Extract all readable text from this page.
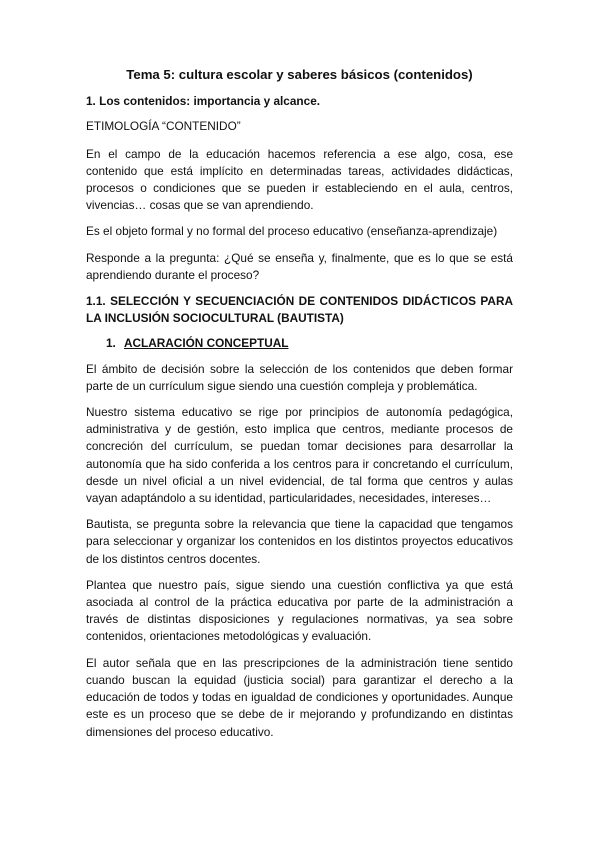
Tema 5: cultura escolar y saberes básicos (contenidos)
1. Los contenidos: importancia y alcance.
ETIMOLOGÍA “CONTENIDO”
En el campo de la educación hacemos referencia a ese algo, cosa, ese contenido que está implícito en determinadas tareas, actividades didácticas, procesos o condiciones que se pueden ir estableciendo en el aula, centros, vivencias… cosas que se van aprendiendo.
Es el objeto formal y no formal del proceso educativo (enseñanza-aprendizaje)
Responde a la pregunta: ¿Qué se enseña y, finalmente, que es lo que se está aprendiendo durante el proceso?
1.1. SELECCIÓN Y SECUENCIACIÓN DE CONTENIDOS DIDÁCTICOS PARA LA INCLUSIÓN SOCIOCULTURAL (BAUTISTA)
1. ACLARACIÓN CONCEPTUAL
El ámbito de decisión sobre la selección de los contenidos que deben formar parte de un currículum sigue siendo una cuestión compleja y problemática.
Nuestro sistema educativo se rige por principios de autonomía pedagógica, administrativa y de gestión, esto implica que centros, mediante procesos de concreción del currículum, se puedan tomar decisiones para desarrollar la autonomía que ha sido conferida a los centros para ir concretando el currículum, desde un nivel oficial a un nivel evidencial, de tal forma que centros y aulas vayan adaptándolo a su identidad, particularidades, necesidades, intereses…
Bautista, se pregunta sobre la relevancia que tiene la capacidad que tengamos para seleccionar y organizar los contenidos en los distintos proyectos educativos de los distintos centros docentes.
Plantea que nuestro país, sigue siendo una cuestión conflictiva ya que está asociada al control de la práctica educativa por parte de la administración a través de distintas disposiciones y regulaciones normativas, ya sea sobre contenidos, orientaciones metodológicas y evaluación.
El autor señala que en las prescripciones de la administración tiene sentido cuando buscan la equidad (justicia social) para garantizar el derecho a la educación de todos y todas en igualdad de condiciones y oportunidades. Aunque este es un proceso que se debe de ir mejorando y profundizando en distintas dimensiones del proceso educativo.
